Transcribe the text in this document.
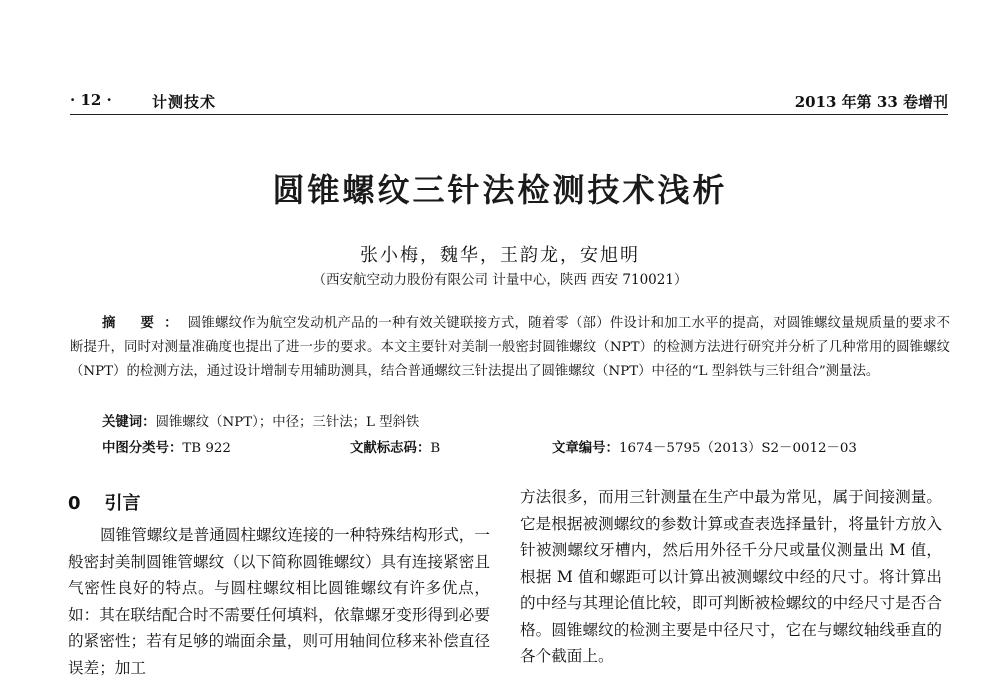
· 12 ·	计测技术	2013 年第 33 卷增刊
圆锥螺纹三针法检测技术浅析
张小梅，魏华，王韵龙，安旭明
（西安航空动力股份有限公司 计量中心，陕西 西安 710021）

摘 要：圆锥螺纹作为航空发动机产品的一种有效关键联接方式，随着零（部）件设计和加工水平的提高，对圆锥螺纹量规质量的要求不断提升，同时对测量准确度也提出了进一步的要求。本文主要针对美制一般密封圆锥螺纹（NPT）的检测方法进行研究并分析了几种常用的圆锥螺纹（NPT）的检测方法，通过设计增制专用辅助测具，结合普通螺纹三针法提出了圆锥螺纹（NPT）中径的“L 型斜铁与三针组合”测量法。

关键词：圆锥螺纹（NPT）；中径；三针法；L 型斜铁
中图分类号：TB 922	文献标志码：B	文章编号：1674－5795（2013）S2－0012－03
0 引言

圆锥管螺纹是普通圆柱螺纹连接的一种特殊结构形式，一般密封美制圆锥管螺纹（以下简称圆锥螺纹）具有连接紧密且气密性良好的特点。与圆柱螺纹相比圆锥螺纹有许多优点，如：其在联结配合时不需要任何填料，依靠螺牙变形得到必要的紧密性；若有足够的端面余量，则可用轴间位移来补偿直径误差；加工

方法很多，而用三针测量在生产中最为常见，属于间接测量。它是根据被测螺纹的参数计算或查表选择量针，将量针方放入针被测螺纹牙槽内，然后用外径千分尺或量仪测量出 M 值，根据 M 值和螺距可以计算出被测螺纹中经的尺寸。将计算出的中经与其理论值比较，即可判断被检螺纹的中经尺寸是否合格。圆锥螺纹的检测主要是中径尺寸，它在与螺纹轴线垂直的各个截面上。
